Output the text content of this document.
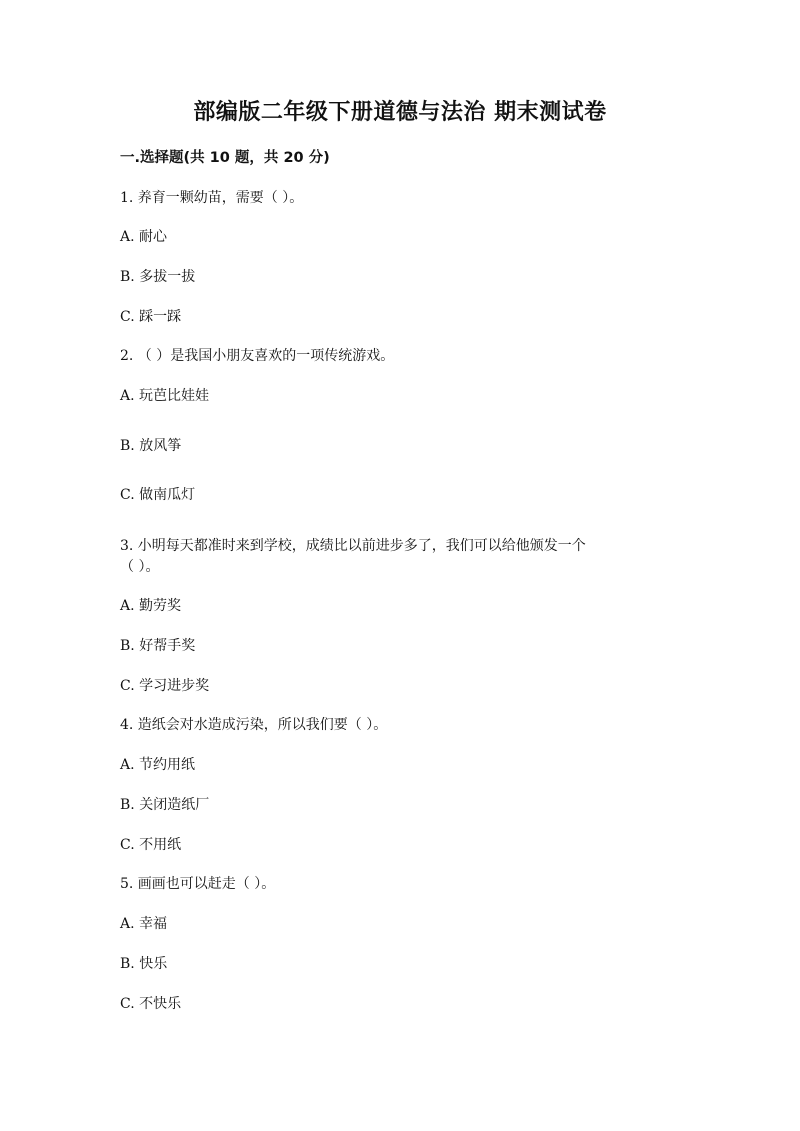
部编版二年级下册道德与法治 期末测试卷
一.选择题(共 10 题，共 20 分)
1. 养育一颗幼苗，需要（ ）。
A. 耐心
B. 多拔一拔
C. 踩一踩
2. （ ）是我国小朋友喜欢的一项传统游戏。
A. 玩芭比娃娃
B. 放风筝
C. 做南瓜灯
3. 小明每天都准时来到学校，成绩比以前进步多了，我们可以给他颁发一个
（ ）。
A. 勤劳奖
B. 好帮手奖
C. 学习进步奖
4. 造纸会对水造成污染，所以我们要（ ）。
A. 节约用纸
B. 关闭造纸厂
C. 不用纸
5. 画画也可以赶走（ ）。
A. 幸福
B. 快乐
C. 不快乐
